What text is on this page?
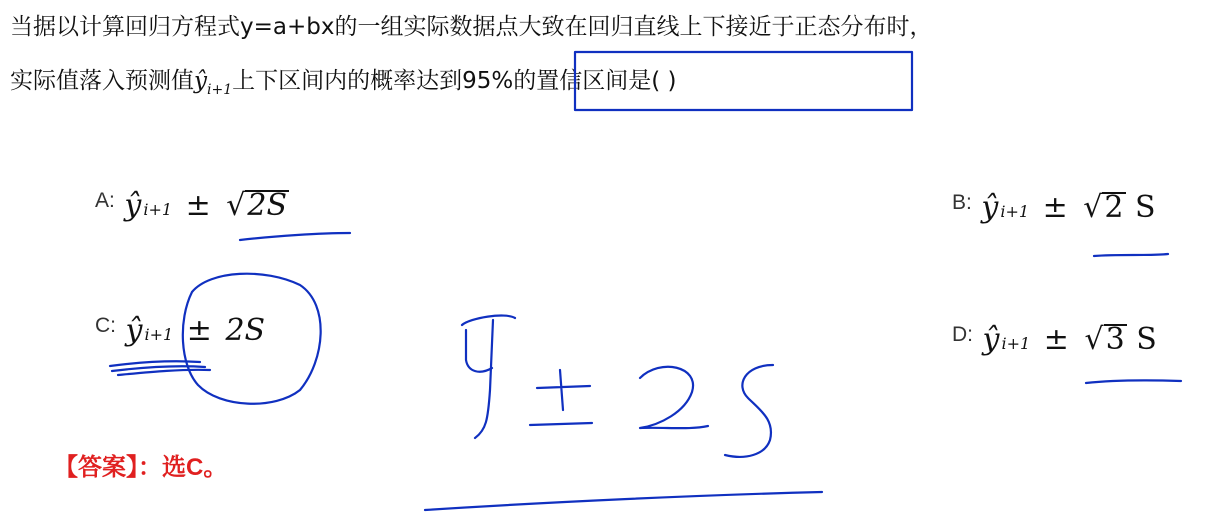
当据以计算回归方程式y=a+bx的一组实际数据点大致在回归直线上下接近于正态分布时，
实际值落入预测值$ŷ_{i+1}$上下区间内的概率达到95%的置信区间是( )
$^{A:}$ ŷ i+1 ± √2S	$^{B:}$ ŷ i+1 ± √2 S
$^{C:}$ ŷ i+1 ± 2S	$^{D:}$ ŷ i+1 ± √3 S
【答案】：选C。
